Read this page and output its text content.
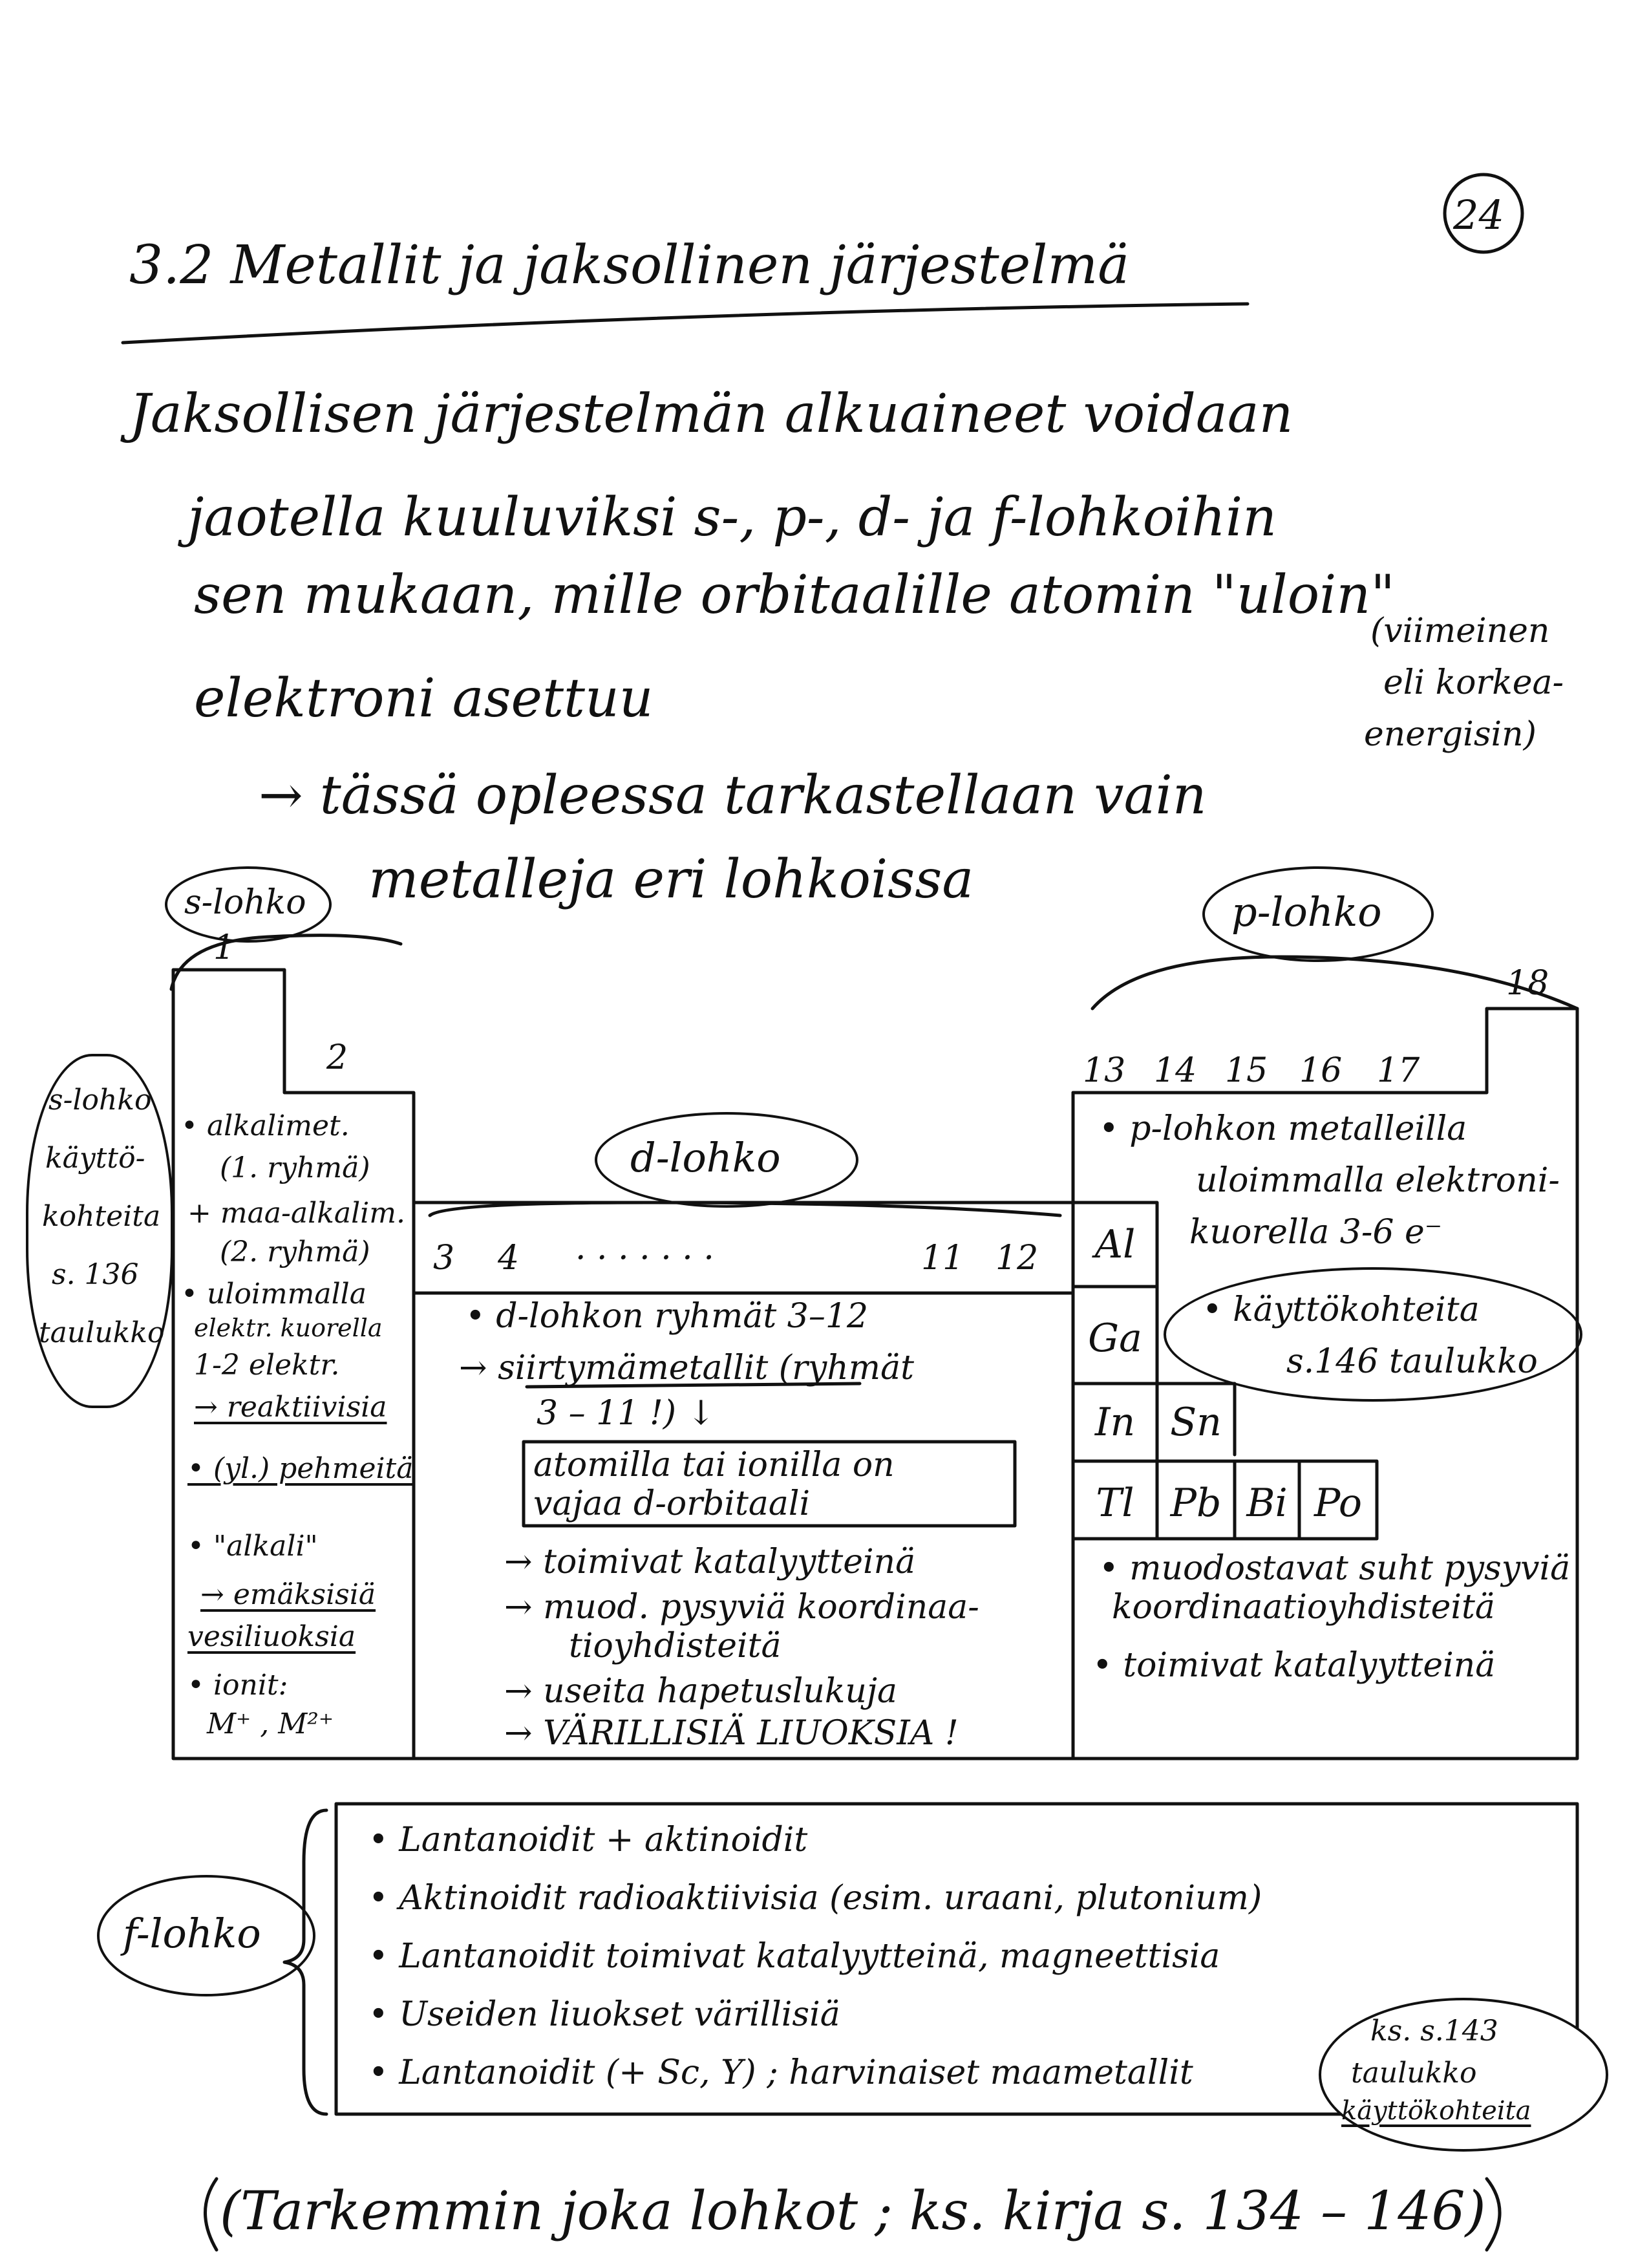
24
3.2 Metallit ja jaksollinen järjestelmä
Jaksollisen järjestelmän alkuaineet voidaan
jaotella kuuluviksi s-, p-, d- ja f-lohkoihin
sen mukaan, mille orbitaalille atomin "uloin"
elektroni asettuu
(viimeinen
eli korkea-
energisin)
→ tässä opleessa tarkastellaan vain
metalleja eri lohkoissa
s-lohko	p-lohko
d-lohko
f-lohko
1
2
3 4 · · · · · · ·	11 12
13 14 15 16 17
18
s-lohko
käyttö-
kohteita
s. 136
taulukko
• alkalimet.
(1. ryhmä)
+ maa-alkalim.
(2. ryhmä)
• uloimmalla
elektr. kuorella
1-2 elektr.
→ reaktiivisia
• (yl.) pehmeitä
• "alkali"
→ emäksisiä
vesiliuoksia
• ionit:
M⁺ , M²⁺
• d-lohkon ryhmät 3–12
→ siirtymämetallit (ryhmät
3 – 11 !) ↓
atomilla tai ionilla on
vajaa d-orbitaali
→ toimivat katalyytteinä
→ muod. pysyviä koordinaa-
tioyhdisteitä
→ useita hapetuslukuja
→ VÄRILLISIÄ LIUOKSIA !
• p-lohkon metalleilla
uloimmalla elektroni-
kuorella 3-6 e⁻
• käyttökohteita
s.146 taulukko
• muodostavat suht pysyviä
koordinaatioyhdisteitä
• toimivat katalyytteinä
Al
Ga
In Sn
Tl Pb Bi Po
• Lantanoidit + aktinoidit
• Aktinoidit radioaktiivisia (esim. uraani, plutonium)
• Lantanoidit toimivat katalyytteinä, magneettisia
• Useiden liuokset värillisiä
• Lantanoidit (+ Sc, Y) ; harvinaiset maametallit
ks. s.143
taulukko
käyttökohteita
(Tarkemmin joka lohkot ; ks. kirja s. 134 – 146)
